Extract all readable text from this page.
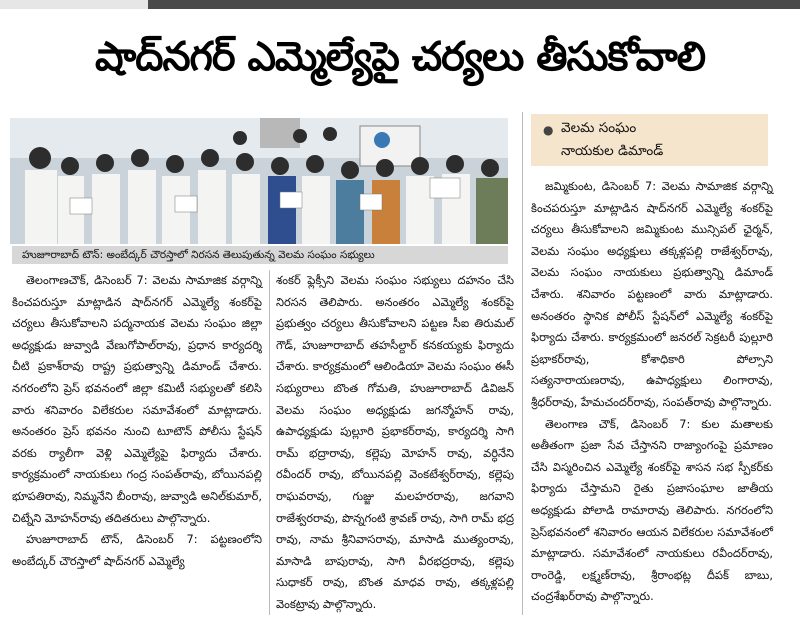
షాద్‌నగర్ ఎమ్మెల్యేపై చర్యలు తీసుకోవాలి
హుజూరాబాద్ టౌన్: అంబేద్కర్ చౌరస్తాలో నిరసన తెలుపుతున్న వెలమ సంఘం సభ్యులు

తెలంగాణచౌక్, డిసెంబర్ 7: వెలమ సామాజిక వర్గాన్ని కించపరుస్తూ మాట్లాడిన షాద్‌నగర్ ఎమ్మెల్యే శంకర్‌పై చర్యలు తీసుకోవాలని పద్మనాయక వెలమ సంఘం జిల్లా అధ్యక్షుడు జువ్వాడి వేణుగోపాల్‌రావు, ప్రధాన కార్యదర్శి చీటి ప్రకాశ్‌రావు రాష్ట్ర ప్రభుత్వాన్ని డిమాండ్ చేశారు. నగరంలోని ప్రెస్ భవనంలో జిల్లా కమిటీ సభ్యులతో కలిసి వారు శనివారం విలేకరుల సమావేశంలో మాట్లాడారు. అనంతరం ప్రెస్ భవనం నుంచి టూటౌన్ పోలీసు స్టేషన్ వరకు ర్యాలీగా వెళ్లి ఎమ్మెల్యేపై ఫిర్యాదు చేశారు. కార్యక్రమంలో నాయకులు గంద్ర సంపత్‌రావు, బోయినపల్లి భూపతిరావు, నిమ్మనేని బీంరావు, జువ్వాడి అనిల్‌కుమార్, చిట్నేని మోహన్‌రావు తదితరులు పాల్గొన్నారు.

హుజూరాబాద్ టౌన్, డిసెంబర్ 7: పట్టణంలోని అంబేద్కర్ చౌరస్తాలో షాద్‌నగర్ ఎమ్మెల్యే

శంకర్ ఫ్లెక్సీని వెలమ సంఘం సభ్యులు దహనం చేసి నిరసన తెలిపారు. అనంతరం ఎమ్మెల్యే శంకర్‌పై ప్రభుత్వం చర్యలు తీసుకోవాలని పట్టణ సీఐ తిరుమల్ గౌడ్, హుజూరాబాద్ తహసీల్దార్ కనకయ్యకు ఫిర్యాదు చేశారు. కార్యక్రమంలో ఆలిండియా వెలమ సంఘం ఈసీ సభ్యురాలు బొంత గోమతి, హుజూరాబాద్ డివిజన్ వెలమ సంఘం అధ్యక్షుడు జగన్మోహన్ రావు, ఉపాధ్యక్షుడు పుల్లూరి ప్రభాకర్‌రావు, కార్యదర్శి సాగి రామ్ భద్రారావు, కల్లెపు మోహన్ రావు, వర్ధినేని రవీందర్ రావు, బోయినపల్లి వెంకటేశ్వర్‌రావు, కల్లెపు రాఘవరావు, గుజ్జు మలహరరావు, జగవాని రాజేశ్వరరావు, పొన్నగంటి శ్రావణ్ రావు, సాగి రామ్ భద్ర రావు, నామ శ్రీనివాసరావు, మాసాడి ముత్యంరావు, మాసాడి బాపురావు, సాగి వీరభద్రరావు, కల్లెపు సుధాకర్ రావు, బొంత మాధవ రావు, తక్కళ్లపల్లి వెంకట్రావు పాల్గొన్నారు.

● వెలమ సంఘం
నాయకుల డిమాండ్

జమ్మికుంట, డిసెంబర్ 7: వెలమ సామాజిక వర్గాన్ని కించపరుస్తూ మాట్లాడిన షాద్‌నగర్ ఎమ్మెల్యే శంకర్‌పై చర్యలు తీసుకోవాలని జమ్మికుంట మున్సిపల్ ఛైర్మన్, వెలమ సంఘం అధ్యక్షులు తక్కళ్లపల్లి రాజేశ్వర్‌రావు, వెలమ సంఘం నాయకులు ప్రభుత్వాన్ని డిమాండ్ చేశారు. శనివారం పట్టణంలో వారు మాట్లాడారు. అనంతరం స్థానిక పోలీస్ స్టేషన్‌లో ఎమ్మెల్యే శంకర్‌పై ఫిర్యాదు చేశారు. కార్యక్రమంలో జనరల్ సెక్రటరీ పుల్లూరి ప్రభాకర్‌రావు, కోశాధికారి పోల్సాని సత్యనారాయణరావు, ఉపాధ్యక్షులు లింగారావు, శ్రీధర్‌రావు, హేమచందర్‌రావు, సంపత్‌రావు పాల్గొన్నారు.

తెలంగాణ చౌక్, డిసెంబర్ 7: కుల మతాలకు అతీతంగా ప్రజా సేవ చేస్తానని రాజ్యాంగంపై ప్రమాణం చేసి విస్మరించిన ఎమ్మెల్యే శంకర్‌పై శాసన సభ స్పీకర్‌కు ఫిర్యాదు చేస్తామని రైతు ప్రజాసంఘాల జాతీయ అధ్యక్షుడు పోలాడి రామారావు తెలిపారు. నగరంలోని ప్రెస్‌భవనంలో శనివారం ఆయన విలేకరుల సమావేశంలో మాట్లాడారు. సమావేశంలో నాయకులు రవీందర్‌రావు, రాంరెడ్డి, లక్ష్మణ్‌రావు, శ్రీరాంభట్ల దీపక్ బాబు, చంద్రశేఖర్‌రావు పాల్గొన్నారు.
